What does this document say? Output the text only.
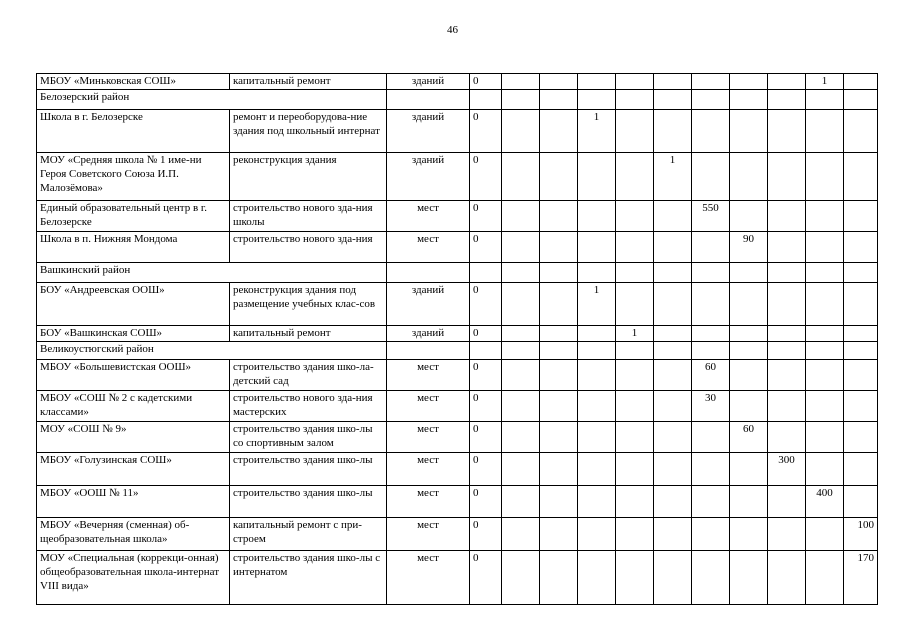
46
МБОУ «Миньковская СОШ»	капитальный ремонт	зданий	0									1	
Белозерский район													
Школа в г. Белозерске	ремонт и переоборудова-ние здания под школьный интернат	зданий	0			1							
МОУ «Средняя школа № 1 име-ни Героя Советского Союза И.П. Малозёмова»	реконструкция здания	зданий	0					1					
Единый образовательный центр в г. Белозерске	строительство нового зда-ния школы	мест	0						550				
Школа в п. Нижняя Мондома	строительство нового зда-ния	мест	0							90			
Вашкинский район													
БОУ «Андреевская ООШ»	реконструкция здания под размещение учебных клас-сов	зданий	0			1							
БОУ «Вашкинская СОШ»	капитальный ремонт	зданий	0				1						
Великоустюгский район													
МБОУ «Большевистская ООШ»	строительство здания шко-ла-детский сад	мест	0						60				
МБОУ «СОШ № 2 с кадетскими классами»	строительство нового зда-ния мастерских	мест	0						30				
МОУ «СОШ № 9»	строительство здания шко-лы со спортивным залом	мест	0							60			
МБОУ «Голузинская СОШ»	строительство здания шко-лы	мест	0								300		
МБОУ «ООШ № 11»	строительство здания шко-лы	мест	0									400	
МБОУ «Вечерняя (сменная) об-щеобразовательная школа»	капитальный ремонт с при-строем	мест	0										100
МОУ «Специальная (коррекци-онная) общеобразовательная школа-интернат VIII вида»	строительство здания шко-лы с интернатом	мест	0										170
